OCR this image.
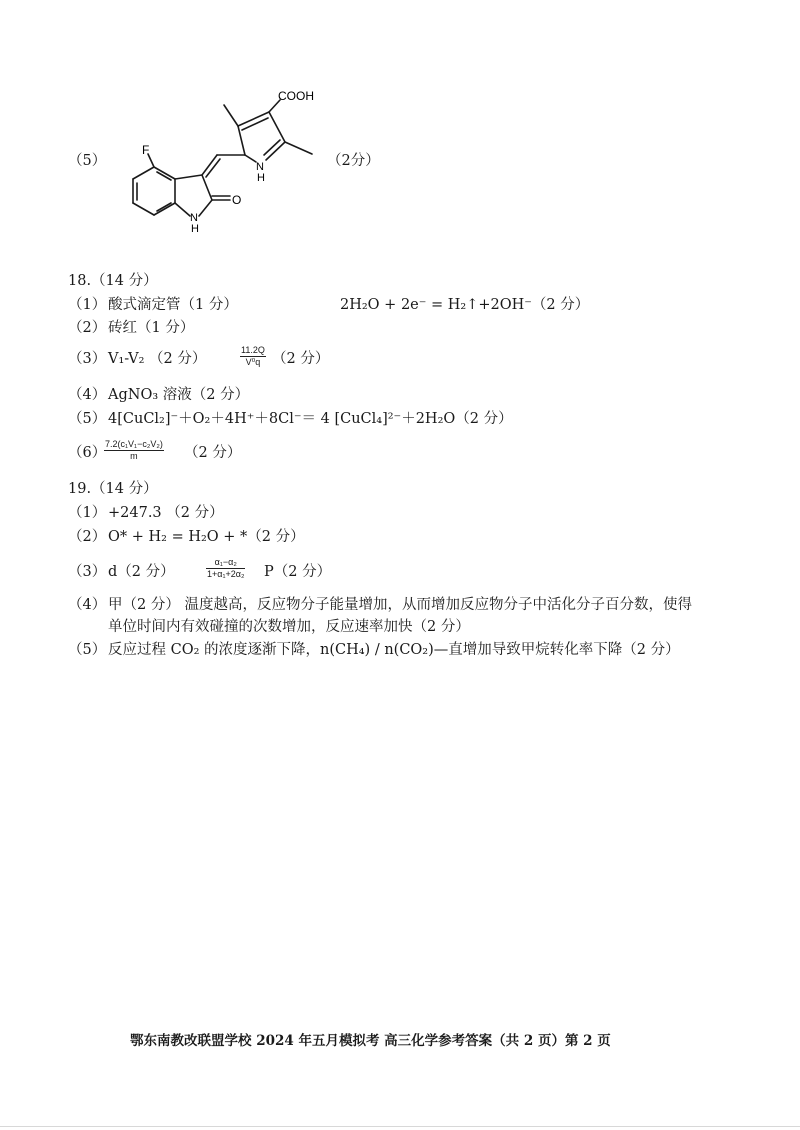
（5）
COOH
F
O
N
H
N
H
（2分）
18.（14 分）
（1） 酸式滴定管（1 分）	2H₂O + 2e⁻ = H₂↑+2OH⁻（2 分）
（2） 砖红（1 分）
（3） V₁-V₂ （2 分）	$\frac{11.2Q}{\text{V⁰q}} (2$ 分）
（4） AgNO₃ 溶液（2 分）
（5） 4[CuCl₂]⁻＋O₂＋4H⁺＋8Cl⁻＝ 4 [CuCl₄]²⁻＋2H₂O（2 分）
（6）
$\frac{\text{7.2(c₁V₁−c₂V₂)}}{m} (2$ 分）
19.（14 分）
（1） +247.3 （2 分）
（2） O* + H₂ = H₂O + *（2 分）
（3） d（2 分）	$\frac{\text{α₁−α₂}}{\text{1+α₁+2α₂}} P(2$ 分）
（4） 甲（2 分） 温度越高，反应物分子能量增加，从而增加反应物分子中活化分子百分数，使得
单位时间内有效碰撞的次数增加，反应速率加快（2 分）
（5） 反应过程 CO₂ 的浓度逐渐下降，n(CH₄) / n(CO₂)—直增加导致甲烷转化率下降（2 分）
鄂东南教改联盟学校 2024 年五月模拟考 高三化学参考答案（共 2 页）第 2 页
